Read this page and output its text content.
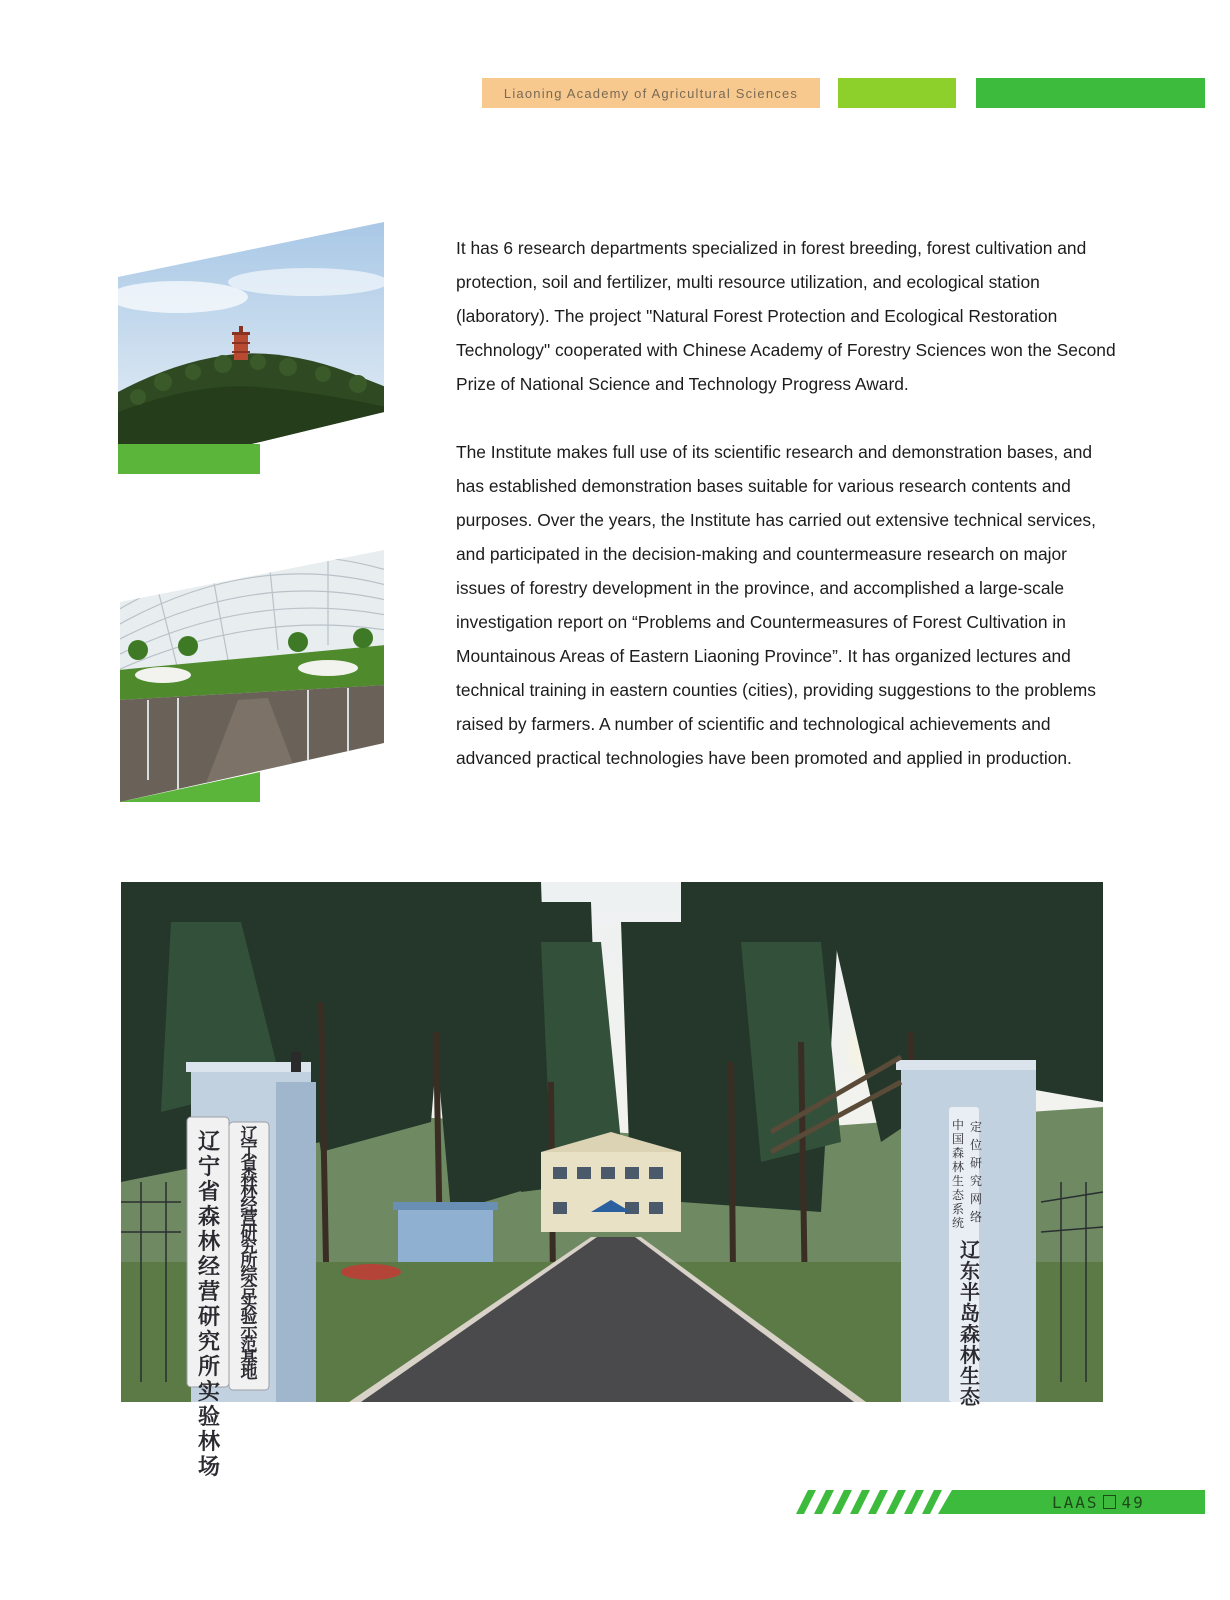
Liaoning Academy of Agricultural Sciences

It has 6 research departments specialized in forest breeding, forest cultivation and protection, soil and fertilizer, multi resource utilization, and ecological station (laboratory). The project "Natural Forest Protection and Ecological Restoration Technology" cooperated with Chinese Academy of Forestry Sciences won the Second Prize of National Science and Technology Progress Award.

The Institute makes full use of its scientific research and demonstration bases, and has established demonstration bases suitable for various research contents and purposes. Over the years, the Institute has carried out extensive technical services, and participated in the decision-making and countermeasure research on major issues of forestry development in the province, and accomplished a large-scale investigation report on “Problems and Countermeasures of Forest Cultivation in Mountainous Areas of Eastern Liaoning Province”. It has organized lectures and technical training in eastern counties (cities), providing suggestions to the problems raised by farmers. A number of scientific and technological achievements and advanced practical technologies have been promoted and applied in production.

辽宁省森林经营研究所实验林场
辽宁省森林经营研究所综合实验示范基地
中国森林生态系统
定位研究网络
辽东半岛森林生态
LAAS 49
